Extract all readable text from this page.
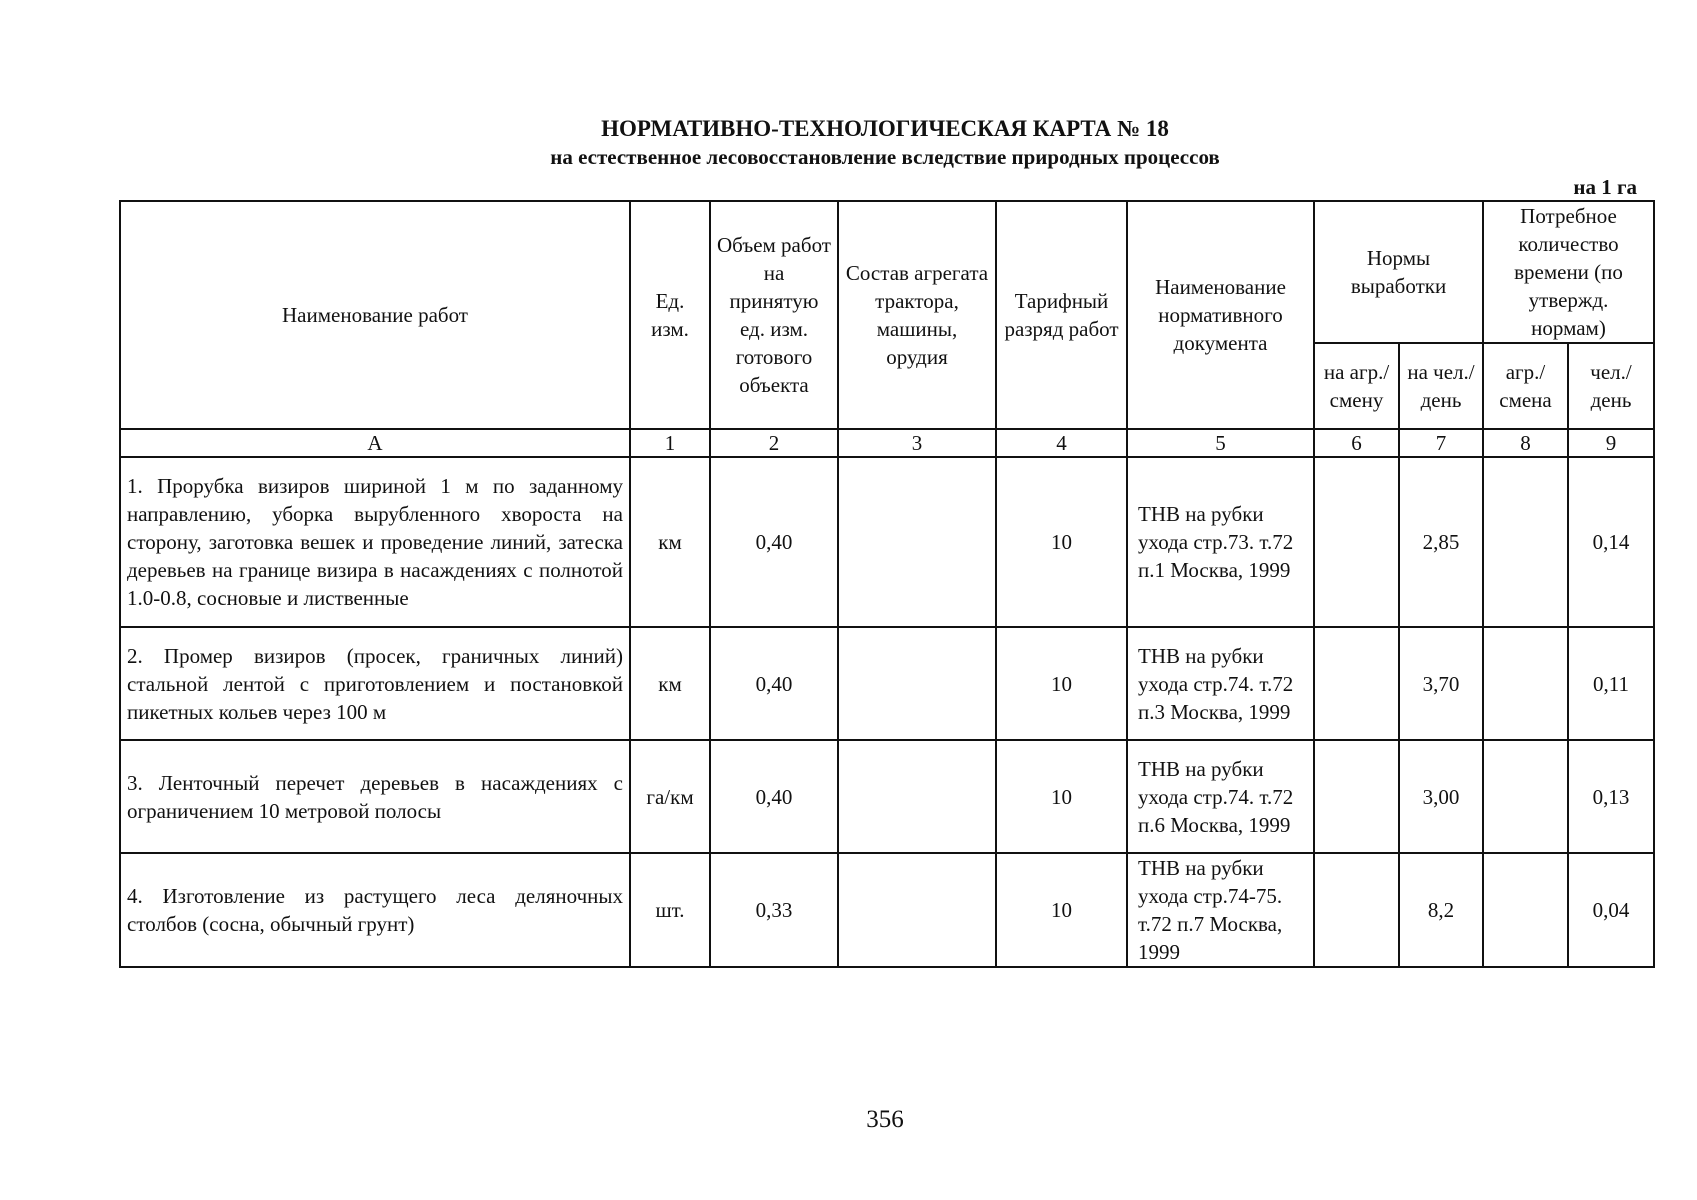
НОРМАТИВНО-ТЕХНОЛОГИЧЕСКАЯ КАРТА № 18
на естественное лесовосстановление вследствие природных процессов
на 1 га
Наименование работ	Ед. изм.	Объем работ на принятую ед. изм. готового объекта	Состав агрегата трактора, машины, орудия	Тарифный разряд работ	Наименование нормативного документа	Нормы выработки		Потребное количество времени (по утвержд. нормам)	
						на агр./ смену	на чел./ день	агр./ смена	чел./ день
А	1	2	3	4	5	6	7	8	9
1. Прорубка визиров шириной 1 м по заданному направлению, уборка вырубленного хвороста на сторону, заготовка вешек и проведение линий, затеска деревьев на границе визира в насаждениях с полнотой 1.0-0.8, сосновые и лиственные	км	0,40		10	ТНВ на рубки ухода стр.73. т.72 п.1 Москва, 1999		2,85		0,14
2. Промер визиров (просек, граничных линий) стальной лентой с приготовлением и постановкой пикетных кольев через 100 м	км	0,40		10	ТНВ на рубки ухода стр.74. т.72 п.3 Москва, 1999		3,70		0,11
3. Ленточный перечет деревьев в насаждениях с ограничением 10 метровой полосы	га/км	0,40		10	ТНВ на рубки ухода стр.74. т.72 п.6 Москва, 1999		3,00		0,13
4. Изготовление из растущего леса деляночных столбов (сосна, обычный грунт)	шт.	0,33		10	ТНВ на рубки ухода стр.74-75. т.72 п.7 Москва, 1999		8,2		0,04
356
